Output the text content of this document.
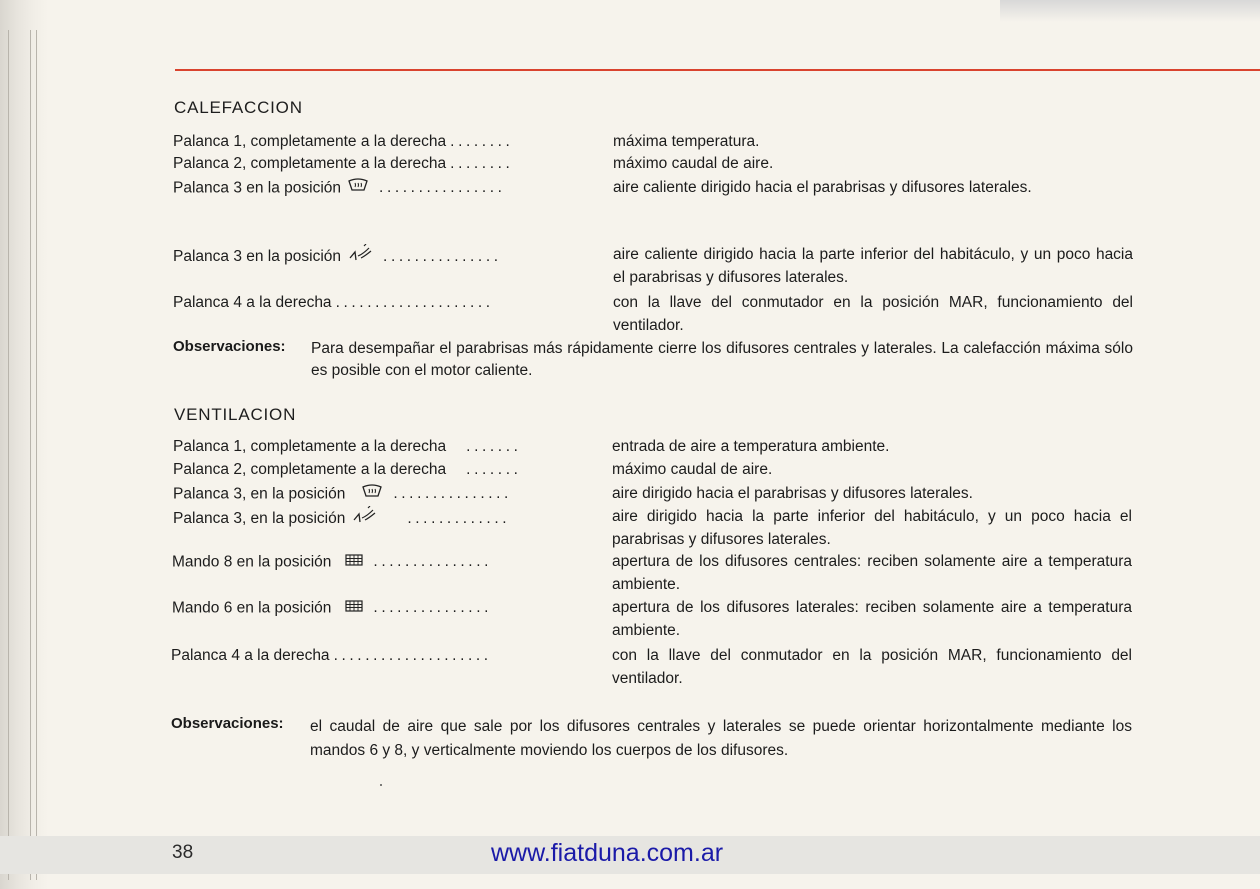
CALEFACCION
Palanca 1, completamente a la derecha ........	máxima temperatura.
Palanca 2, completamente a la derecha ........	máximo caudal de aire.
Palanca 3 en la posición ................	aire caliente dirigido hacia el parabrisas y difusores laterales.
Palanca 3 en la posición	...............	aire caliente dirigido hacia la parte inferior del habitáculo, y un poco hacia el parabrisas y difusores laterales.
Palanca 4 a la derecha ....................	con la llave del conmutador en la posición MAR, funcionamiento del ventilador.
Observaciones: Para desempañar el parabrisas más rápidamente cierre los difusores centrales y laterales. La calefacción máxima sólo es posible con el motor caliente.
VENTILACION
Palanca 1, completamente a la derecha .......	entrada de aire a temperatura ambiente.
Palanca 2, completamente a la derecha .......	máximo caudal de aire.
Palanca 3, en la posición	...............	aire dirigido hacia el parabrisas y difusores laterales.
Palanca 3, en la posición	.............	aire dirigido hacia la parte inferior del habitáculo, y un poco hacia el parabrisas y difusores laterales.
Mando 8 en la posición	...............	apertura de los difusores centrales: reciben solamente aire a temperatura ambiente.
Mando 6 en la posición	...............	apertura de los difusores laterales: reciben solamente aire a temperatura ambiente.
Palanca 4 a la derecha ....................	con la llave del conmutador en la posición MAR, funcionamiento del ventilador.
Observaciones: el caudal de aire que sale por los difusores centrales y laterales se puede orientar horizontalmente mediante los mandos 6 y 8, y verticalmente moviendo los cuerpos de los difusores.
38	www.fiatduna.com.ar
